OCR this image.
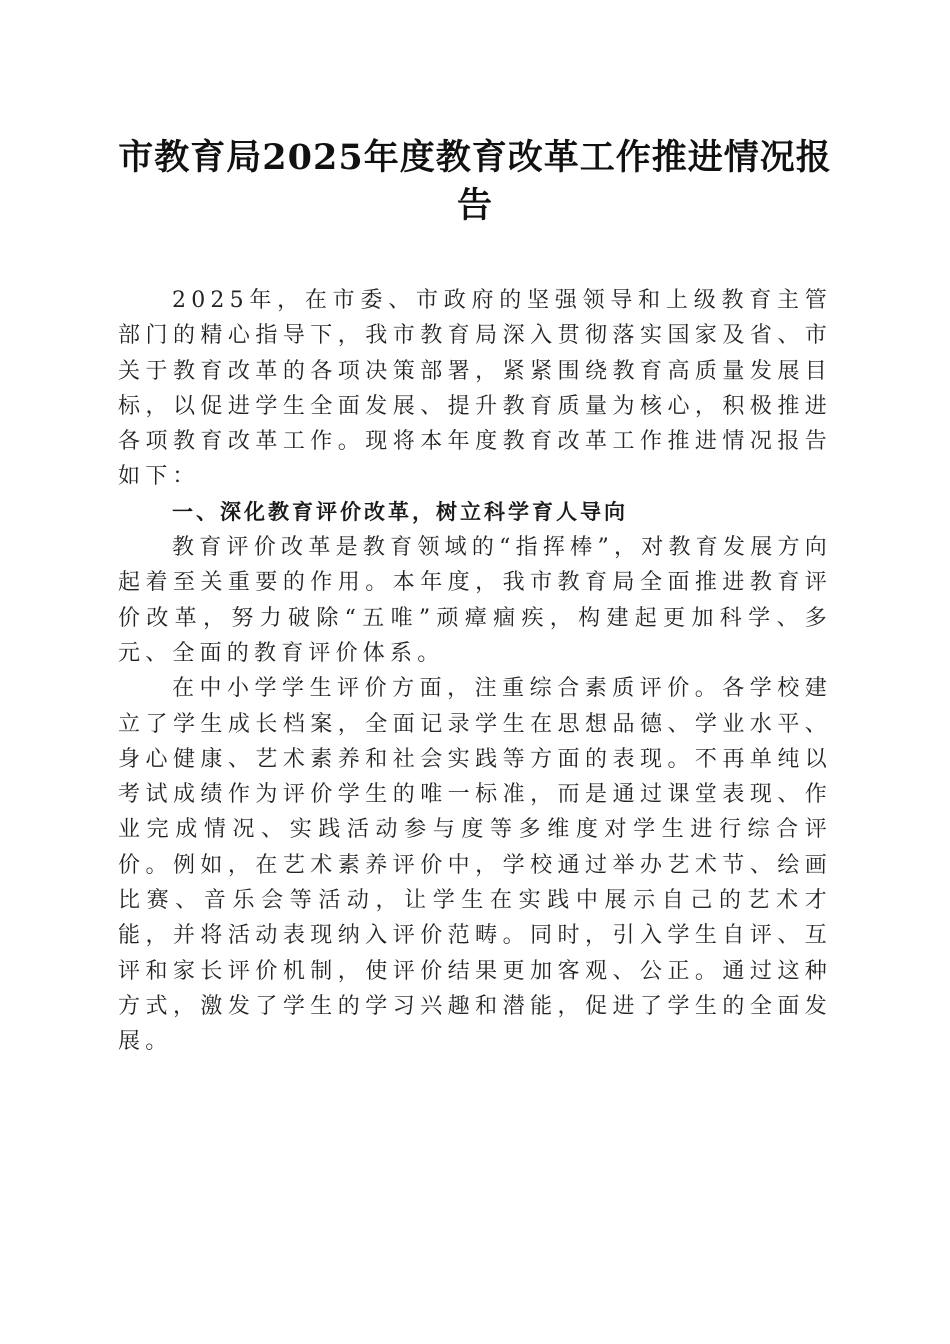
市教育局2025年度教育改革工作推进情况报告

2025年，在市委、市政府的坚强领导和上级教育主管部门的精心指导下，我市教育局深入贯彻落实国家及省、市关于教育改革的各项决策部署，紧紧围绕教育高质量发展目标，以促进学生全面发展、提升教育质量为核心，积极推进各项教育改革工作。现将本年度教育改革工作推进情况报告如下：

一、深化教育评价改革，树立科学育人导向

教育评价改革是教育领域的“指挥棒”，对教育发展方向起着至关重要的作用。本年度，我市教育局全面推进教育评价改革，努力破除“五唯”顽瘴痼疾，构建起更加科学、多元、全面的教育评价体系。

在中小学学生评价方面，注重综合素质评价。各学校建立了学生成长档案，全面记录学生在思想品德、学业水平、身心健康、艺术素养和社会实践等方面的表现。不再单纯以考试成绩作为评价学生的唯一标准，而是通过课堂表现、作业完成情况、实践活动参与度等多维度对学生进行综合评价。例如，在艺术素养评价中，学校通过举办艺术节、绘画比赛、音乐会等活动，让学生在实践中展示自己的艺术才能，并将活动表现纳入评价范畴。同时，引入学生自评、互评和家长评价机制，使评价结果更加客观、公正。通过这种方式，激发了学生的学习兴趣和潜能，促进了学生的全面发展。
